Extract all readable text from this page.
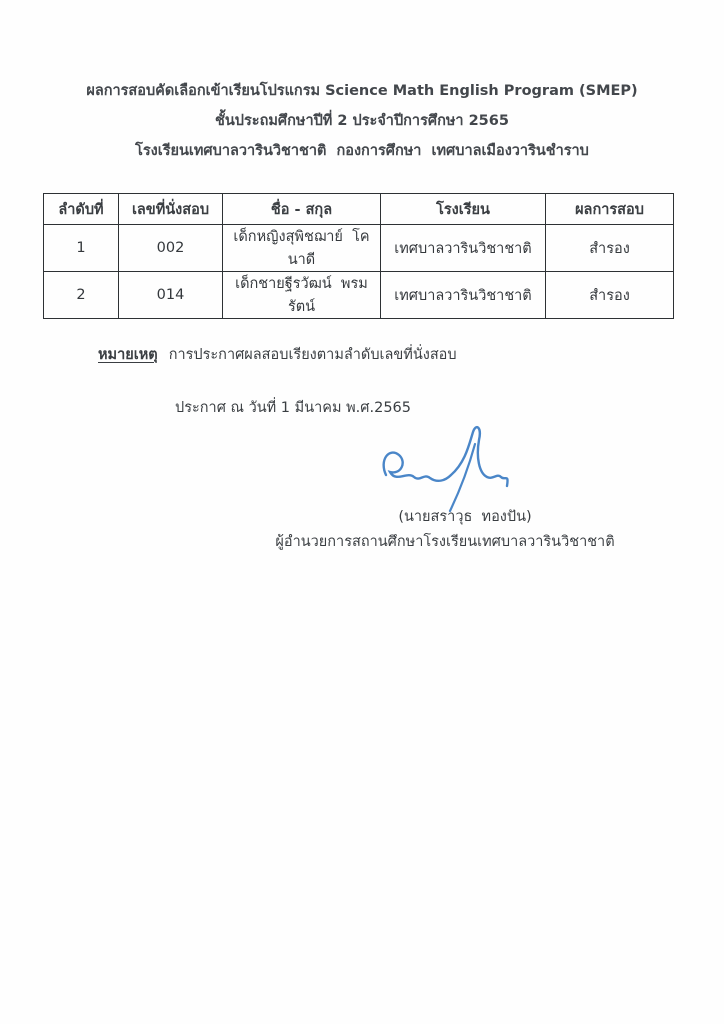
ผลการสอบคัดเลือกเข้าเรียนโปรแกรม Science Math English Program (SMEP)
ชั้นประถมศึกษาปีที่ 2 ประจำปีการศึกษา 2565
โรงเรียนเทศบาลวารินวิชาชาติ  กองการศึกษา  เทศบาลเมืองวารินชำราบ
ลำดับที่	เลขที่นั่งสอบ	ชื่อ - สกุล	โรงเรียน	ผลการสอบ
1	002	เด็กหญิงสุพิชฌาย์  โคนาดี	เทศบาลวารินวิชาชาติ	สำรอง
2	014	เด็กชายฐีรวัฒน์  พรมรัตน์	เทศบาลวารินวิชาชาติ	สำรอง
หมายเหตุ การประกาศผลสอบเรียงตามลำดับเลขที่นั่งสอบ
ประกาศ ณ วันที่ 1 มีนาคม พ.ศ.2565
(นายสราวุธ  ทองปัน)
ผู้อำนวยการสถานศึกษาโรงเรียนเทศบาลวารินวิชาชาติ
